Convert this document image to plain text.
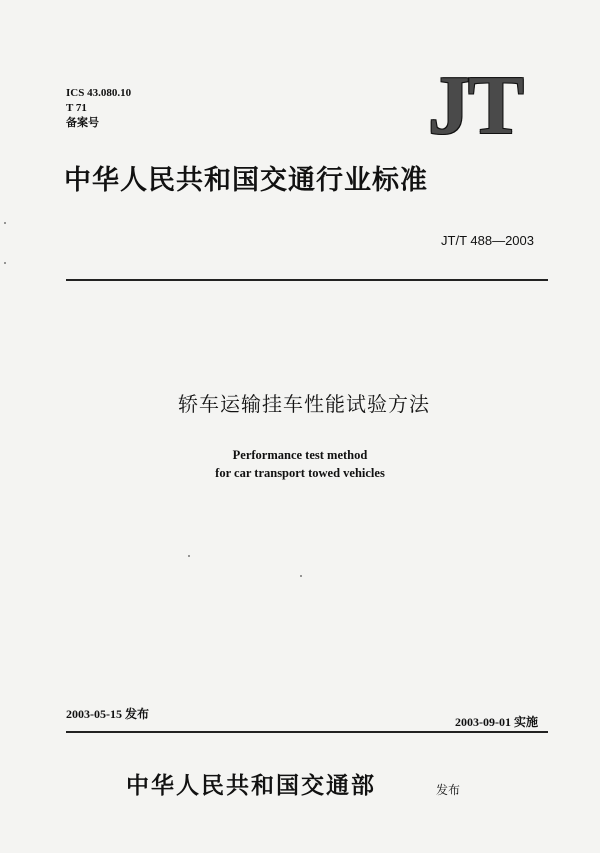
ICS 43.080.10
T 71
备案号	JT
中华人民共和国交通行业标准
JT/T 488—2003
轿车运输挂车性能试验方法
Performance test method
for car transport towed vehicles
2003-05-15 发布
2003-09-01 实施
中华人民共和国交通部	发布
